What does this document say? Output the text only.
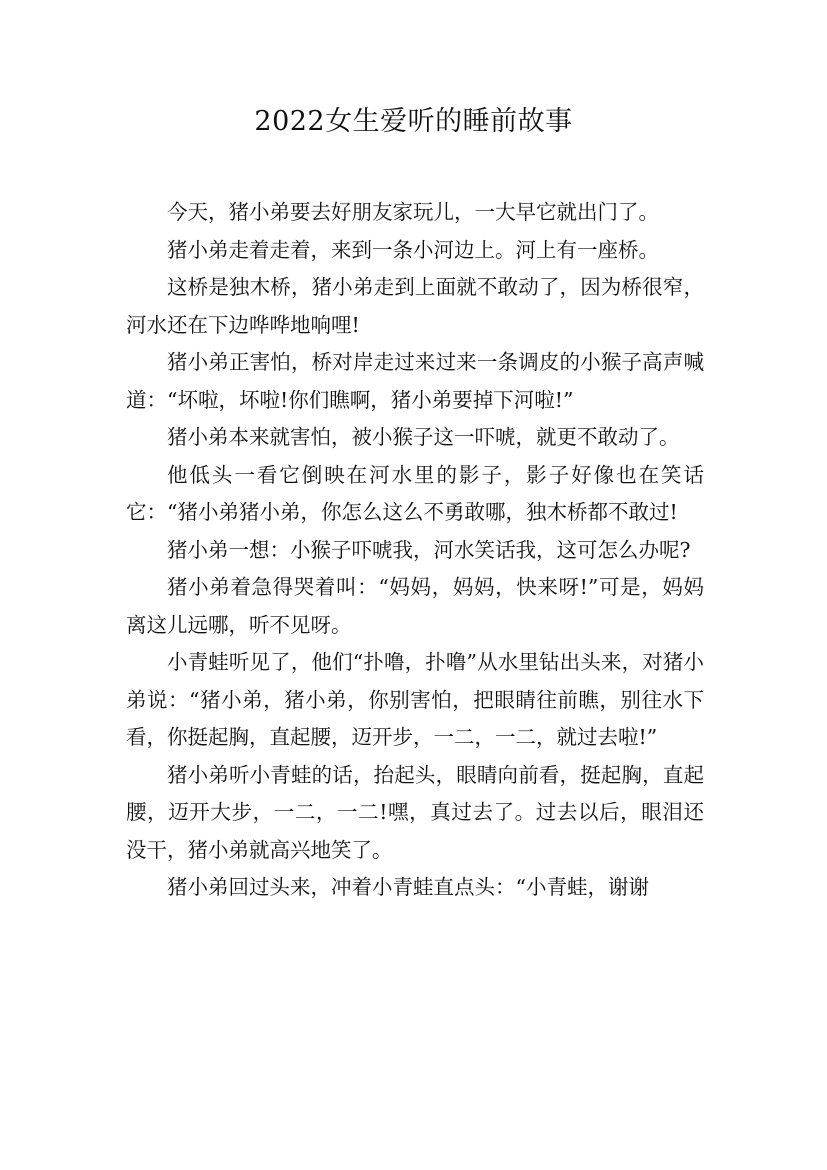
2022女生爱听的睡前故事

今天，猪小弟要去好朋友家玩儿，一大早它就出门了。

猪小弟走着走着，来到一条小河边上。河上有一座桥。

这桥是独木桥，猪小弟走到上面就不敢动了，因为桥很窄，河水还在下边哗哗地响哩!

猪小弟正害怕，桥对岸走过来过来一条调皮的小猴子高声喊道：“坏啦，坏啦!你们瞧啊，猪小弟要掉下河啦!”

猪小弟本来就害怕，被小猴子这一吓唬，就更不敢动了。

他低头一看它倒映在河水里的影子，影子好像也在笑话它：“猪小弟猪小弟，你怎么这么不勇敢哪，独木桥都不敢过!

猪小弟一想：小猴子吓唬我，河水笑话我，这可怎么办呢?

猪小弟着急得哭着叫：“妈妈，妈妈，快来呀!”可是，妈妈离这儿远哪，听不见呀。

小青蛙听见了，他们“扑噜，扑噜”从水里钻出头来，对猪小弟说：“猪小弟，猪小弟，你别害怕，把眼睛往前瞧，别往水下看，你挺起胸，直起腰，迈开步，一二，一二，就过去啦!”

猪小弟听小青蛙的话，抬起头，眼睛向前看，挺起胸，直起腰，迈开大步，一二，一二!嘿，真过去了。过去以后，眼泪还没干，猪小弟就高兴地笑了。

猪小弟回过头来，冲着小青蛙直点头：“小青蛙，谢谢
